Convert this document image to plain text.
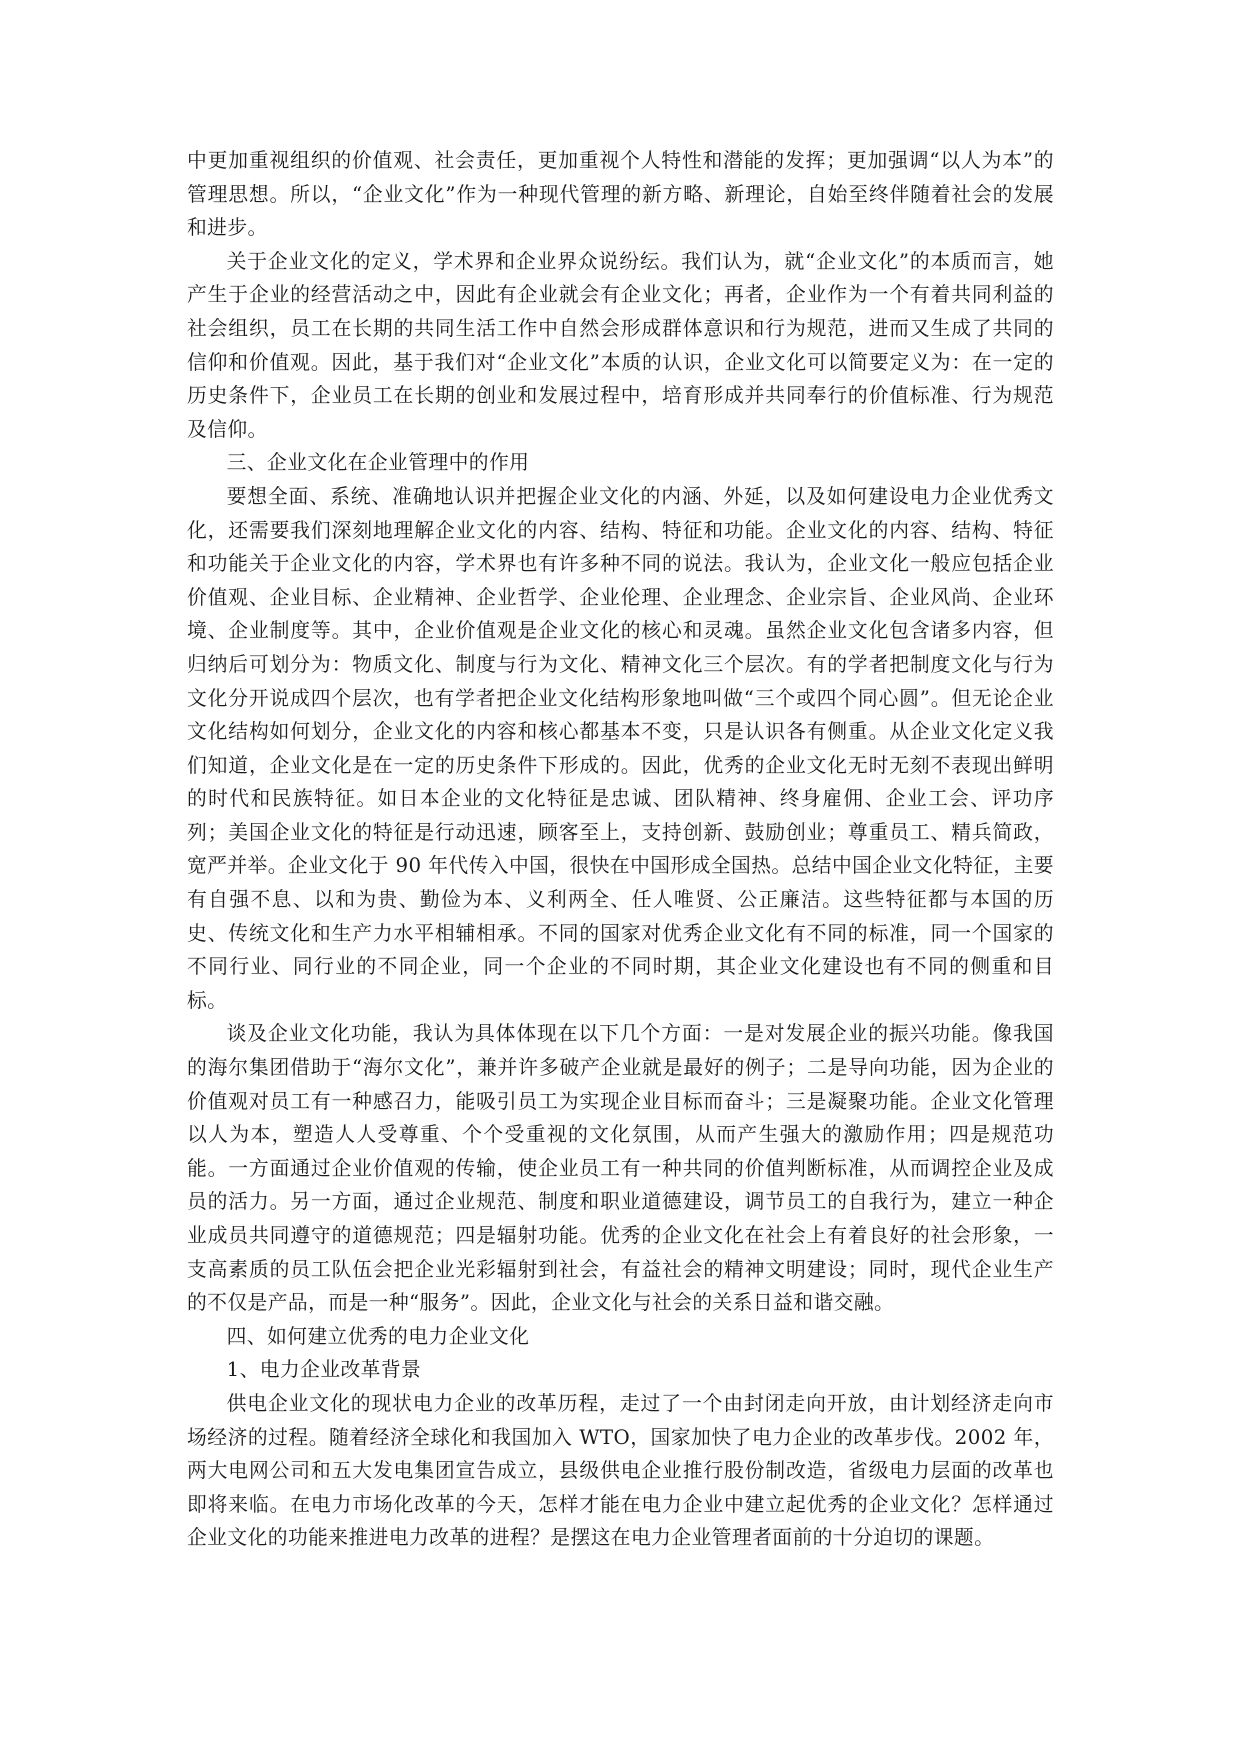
中更加重视组织的价值观、社会责任，更加重视个人特性和潜能的发挥；更加强调“以人为本”的管理思想。所以，“企业文化”作为一种现代管理的新方略、新理论，自始至终伴随着社会的发展和进步。

关于企业文化的定义，学术界和企业界众说纷纭。我们认为，就“企业文化”的本质而言，她产生于企业的经营活动之中，因此有企业就会有企业文化；再者，企业作为一个有着共同利益的社会组织，员工在长期的共同生活工作中自然会形成群体意识和行为规范，进而又生成了共同的信仰和价值观。因此，基于我们对“企业文化”本质的认识，企业文化可以简要定义为：在一定的历史条件下，企业员工在长期的创业和发展过程中，培育形成并共同奉行的价值标准、行为规范及信仰。

三、企业文化在企业管理中的作用

要想全面、系统、准确地认识并把握企业文化的内涵、外延，以及如何建设电力企业优秀文化，还需要我们深刻地理解企业文化的内容、结构、特征和功能。企业文化的内容、结构、特征和功能关于企业文化的内容，学术界也有许多种不同的说法。我认为，企业文化一般应包括企业价值观、企业目标、企业精神、企业哲学、企业伦理、企业理念、企业宗旨、企业风尚、企业环境、企业制度等。其中，企业价值观是企业文化的核心和灵魂。虽然企业文化包含诸多内容，但归纳后可划分为：物质文化、制度与行为文化、精神文化三个层次。有的学者把制度文化与行为文化分开说成四个层次，也有学者把企业文化结构形象地叫做“三个或四个同心圆”。但无论企业文化结构如何划分，企业文化的内容和核心都基本不变，只是认识各有侧重。从企业文化定义我们知道，企业文化是在一定的历史条件下形成的。因此，优秀的企业文化无时无刻不表现出鲜明的时代和民族特征。如日本企业的文化特征是忠诚、团队精神、终身雇佣、企业工会、评功序列；美国企业文化的特征是行动迅速，顾客至上，支持创新、鼓励创业；尊重员工、精兵简政，宽严并举。企业文化于 90 年代传入中国，很快在中国形成全国热。总结中国企业文化特征，主要有自强不息、以和为贵、勤俭为本、义利两全、任人唯贤、公正廉洁。这些特征都与本国的历史、传统文化和生产力水平相辅相承。不同的国家对优秀企业文化有不同的标准，同一个国家的不同行业、同行业的不同企业，同一个企业的不同时期，其企业文化建设也有不同的侧重和目标。

谈及企业文化功能，我认为具体体现在以下几个方面：一是对发展企业的振兴功能。像我国的海尔集团借助于“海尔文化”，兼并许多破产企业就是最好的例子；二是导向功能，因为企业的价值观对员工有一种感召力，能吸引员工为实现企业目标而奋斗；三是凝聚功能。企业文化管理以人为本，塑造人人受尊重、个个受重视的文化氛围，从而产生强大的激励作用；四是规范功能。一方面通过企业价值观的传输，使企业员工有一种共同的价值判断标准，从而调控企业及成员的活力。另一方面，通过企业规范、制度和职业道德建设，调节员工的自我行为，建立一种企业成员共同遵守的道德规范；四是辐射功能。优秀的企业文化在社会上有着良好的社会形象，一支高素质的员工队伍会把企业光彩辐射到社会，有益社会的精神文明建设；同时，现代企业生产的不仅是产品，而是一种“服务”。因此，企业文化与社会的关系日益和谐交融。

四、如何建立优秀的电力企业文化

1、电力企业改革背景

供电企业文化的现状电力企业的改革历程，走过了一个由封闭走向开放，由计划经济走向市场经济的过程。随着经济全球化和我国加入 WTO，国家加快了电力企业的改革步伐。2002 年，两大电网公司和五大发电集团宣告成立，县级供电企业推行股份制改造，省级电力层面的改革也即将来临。在电力市场化改革的今天，怎样才能在电力企业中建立起优秀的企业文化？怎样通过企业文化的功能来推进电力改革的进程？是摆这在电力企业管理者面前的十分迫切的课题。
